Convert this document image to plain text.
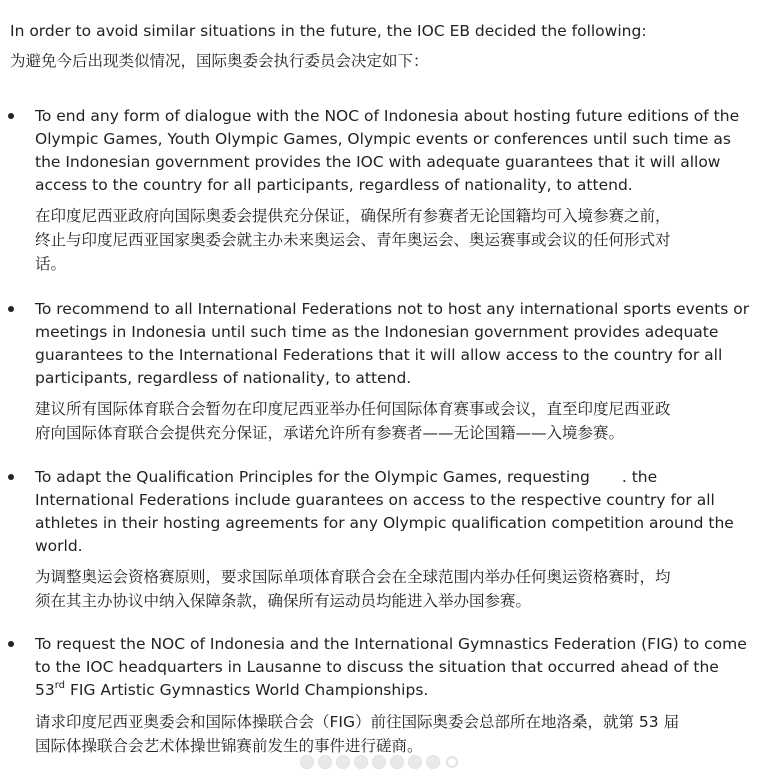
In order to avoid similar situations in the future, the IOC EB decided the following:
为避免今后出现类似情况，国际奥委会执行委员会决定如下：
To end any form of dialogue with the NOC of Indonesia about hosting future editions of the
Olympic Games, Youth Olympic Games, Olympic events or conferences until such time as
the Indonesian government provides the IOC with adequate guarantees that it will allow
access to the country for all participants, regardless of nationality, to attend.
在印度尼西亚政府向国际奥委会提供充分保证，确保所有参赛者无论国籍均可入境参赛之前，
终止与印度尼西亚国家奥委会就主办未来奥运会、青年奥运会、奥运赛事或会议的任何形式对
话。
To recommend to all International Federations not to host any international sports events or
meetings in Indonesia until such time as the Indonesian government provides adequate
guarantees to the International Federations that it will allow access to the country for all
participants, regardless of nationality, to attend.
建议所有国际体育联合会暂勿在印度尼西亚举办任何国际体育赛事或会议，直至印度尼西亚政
府向国际体育联合会提供充分保证，承诺允许所有参赛者——无论国籍——入境参赛。
To adapt the Qualification Principles for the Olympic Games, requesting . the
International Federations include guarantees on access to the respective country for all
athletes in their hosting agreements for any Olympic qualification competition around the
world.
为调整奥运会资格赛原则，要求国际单项体育联合会在全球范围内举办任何奥运资格赛时，均
须在其主办协议中纳入保障条款，确保所有运动员均能进入举办国参赛。
To request the NOC of Indonesia and the International Gymnastics Federation (FIG) to come
to the IOC headquarters in Lausanne to discuss the situation that occurred ahead of the
53rd FIG Artistic Gymnastics World Championships.
请求印度尼西亚奥委会和国际体操联合会（FIG）前往国际奥委会总部所在地洛桑，就第 53 届
国际体操联合会艺术体操世锦赛前发生的事件进行磋商。
